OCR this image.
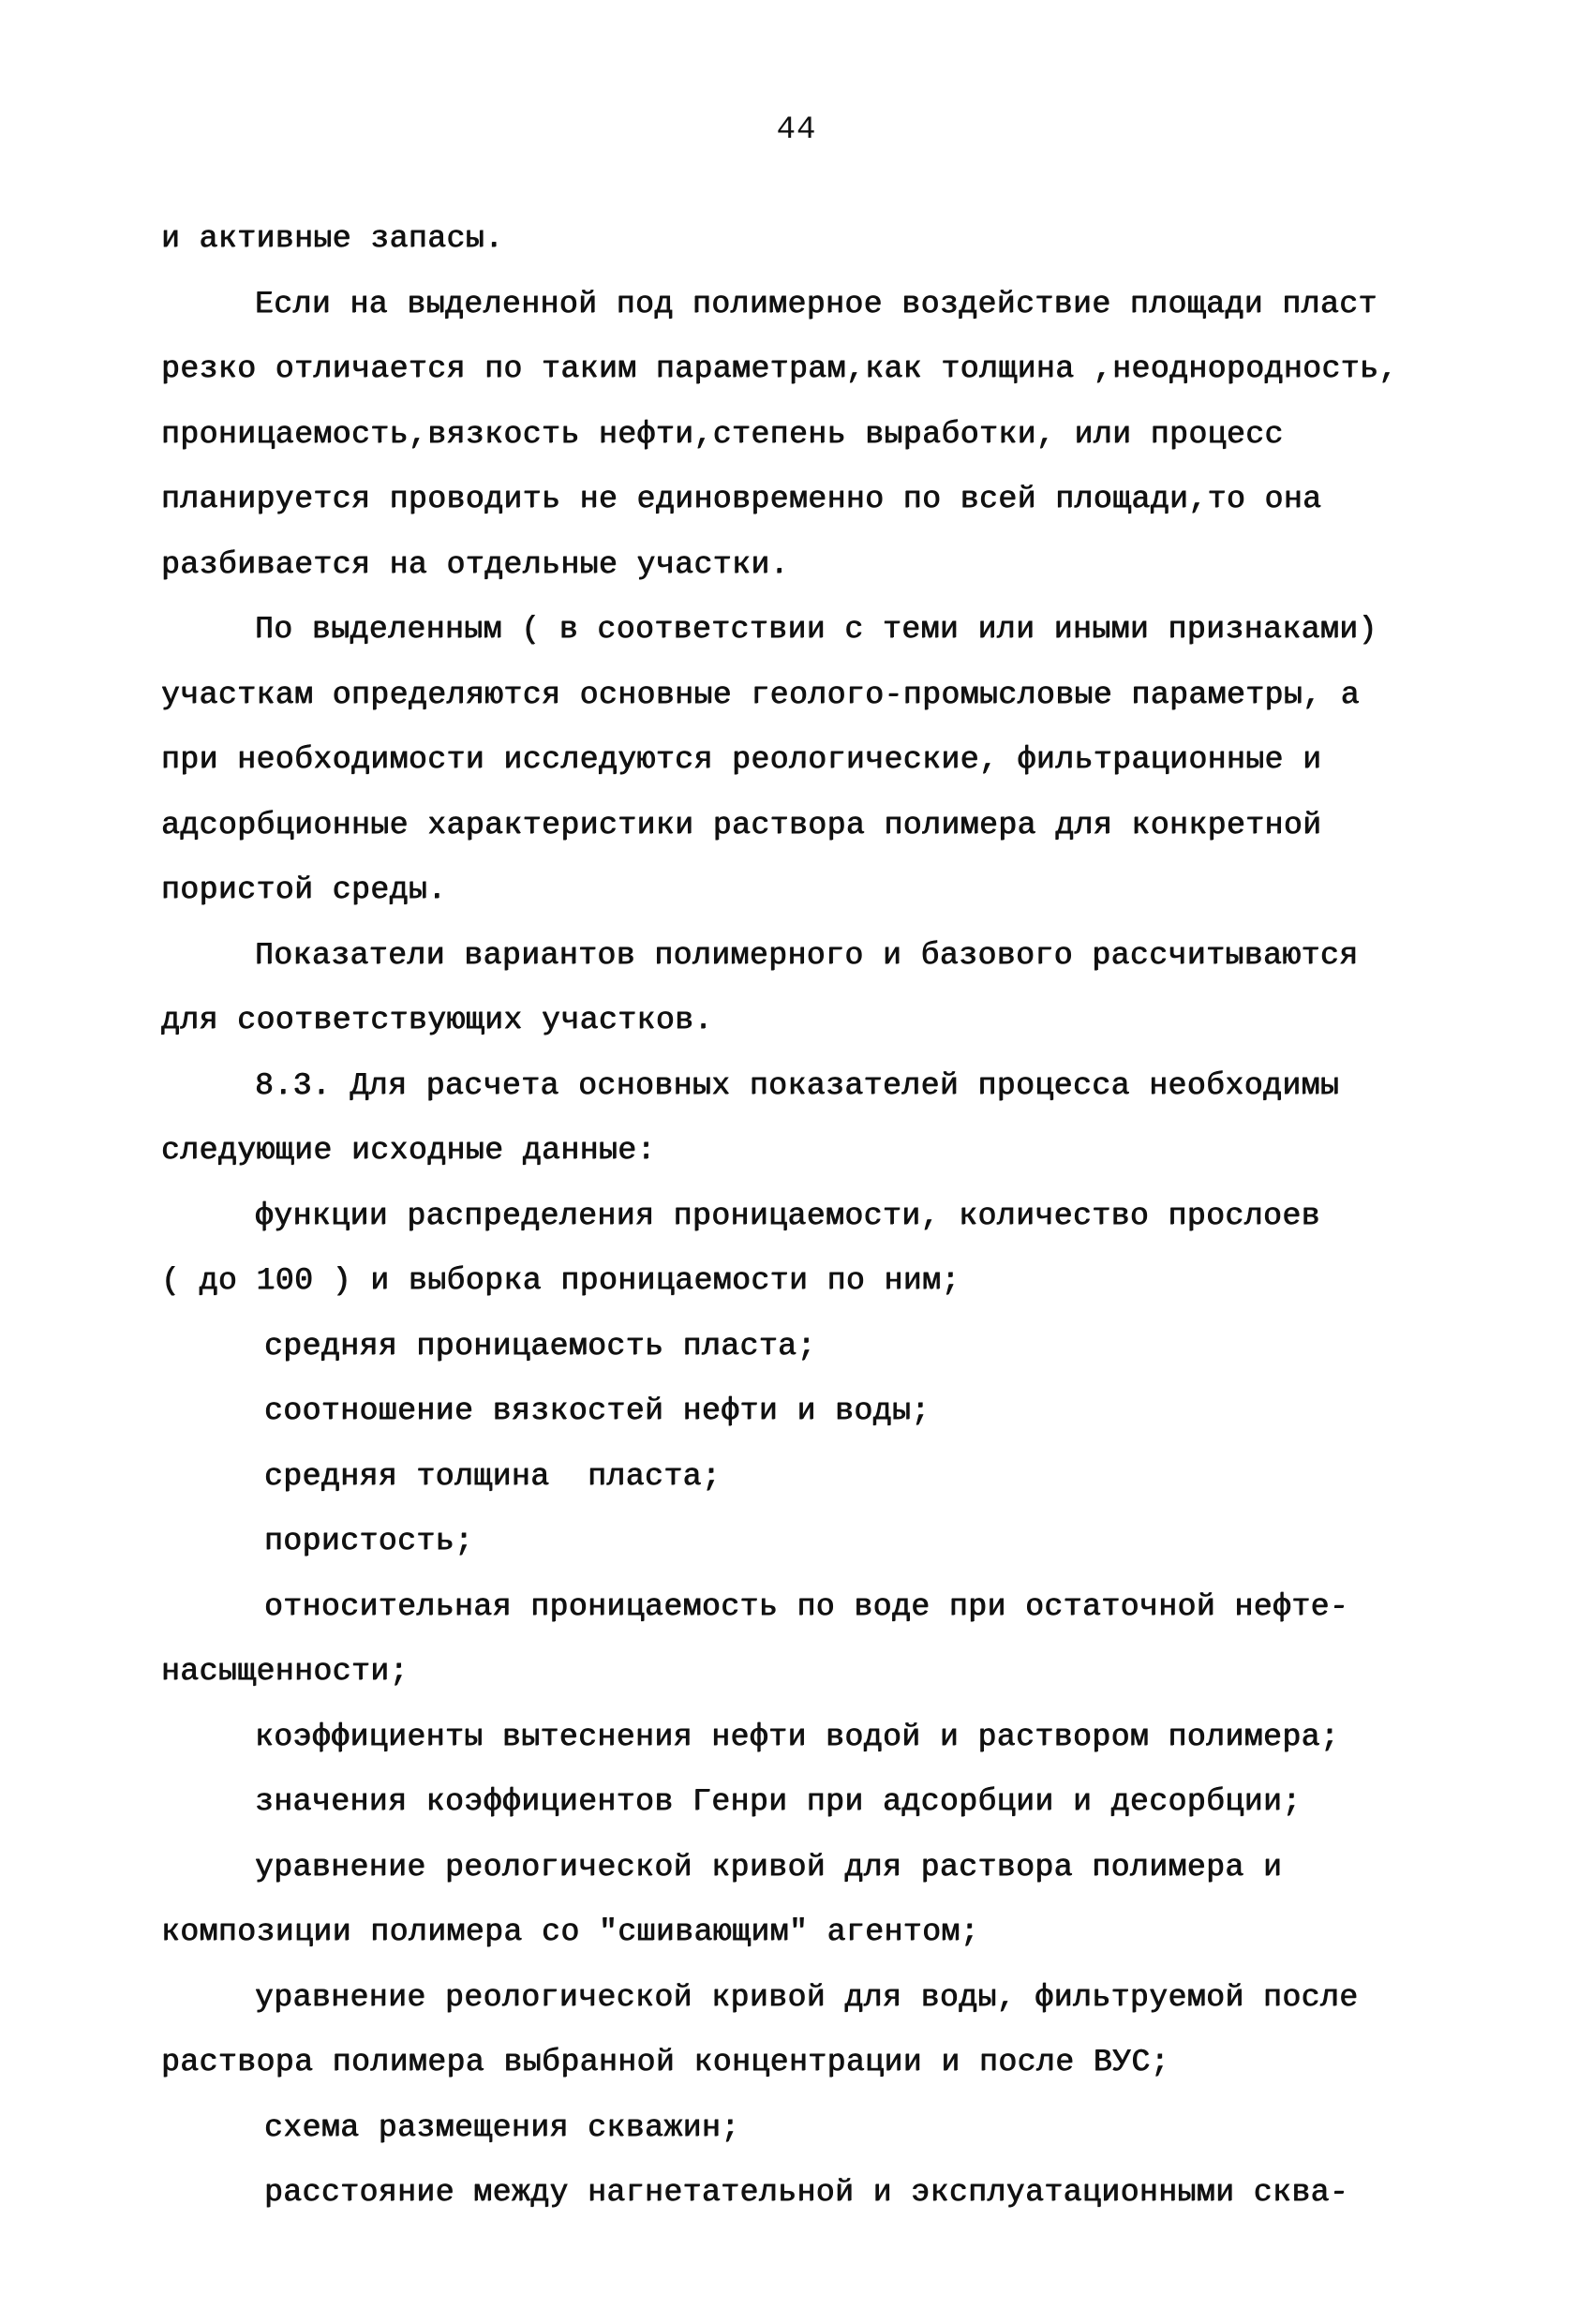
44
и активные запасы.
Если на выделенной под полимерное воздействие площади пласт
резко отличается по таким параметрам,как толщина ,неоднородность,
проницаемость,вязкость нефти,степень выработки, или процесс
планируется проводить не единовременно по всей площади,то она
разбивается на отдельные участки.
По выделенным ( в соответствии с теми или иными признаками)
участкам определяются основные геолого-промысловые параметры, а
при необходимости исследуются реологические, фильтрационные и
адсорбционные характеристики раствора полимера для конкретной
пористой среды.
Показатели вариантов полимерного и базового рассчитываются
для соответствующих участков.
8.3. Для расчета основных показателей процесса необходимы
следующие исходные данные:
функции распределения проницаемости, количество прослоев
( до 100 ) и выборка проницаемости по ним;
средняя проницаемость пласта;
соотношение вязкостей нефти и воды;
средняя толщина  пласта;
пористость;
относительная проницаемость по воде при остаточной нефте-
насыщенности;
коэффициенты вытеснения нефти водой и раствором полимера;
значения коэффициентов Генри при адсорбции и десорбции;
уравнение реологической кривой для раствора полимера и
композиции полимера со "сшивающим" агентом;
уравнение реологической кривой для воды, фильтруемой после
раствора полимера выбранной концентрации и после ВУС;
схема размещения скважин;
расстояние между нагнетательной и эксплуатационными сква-
